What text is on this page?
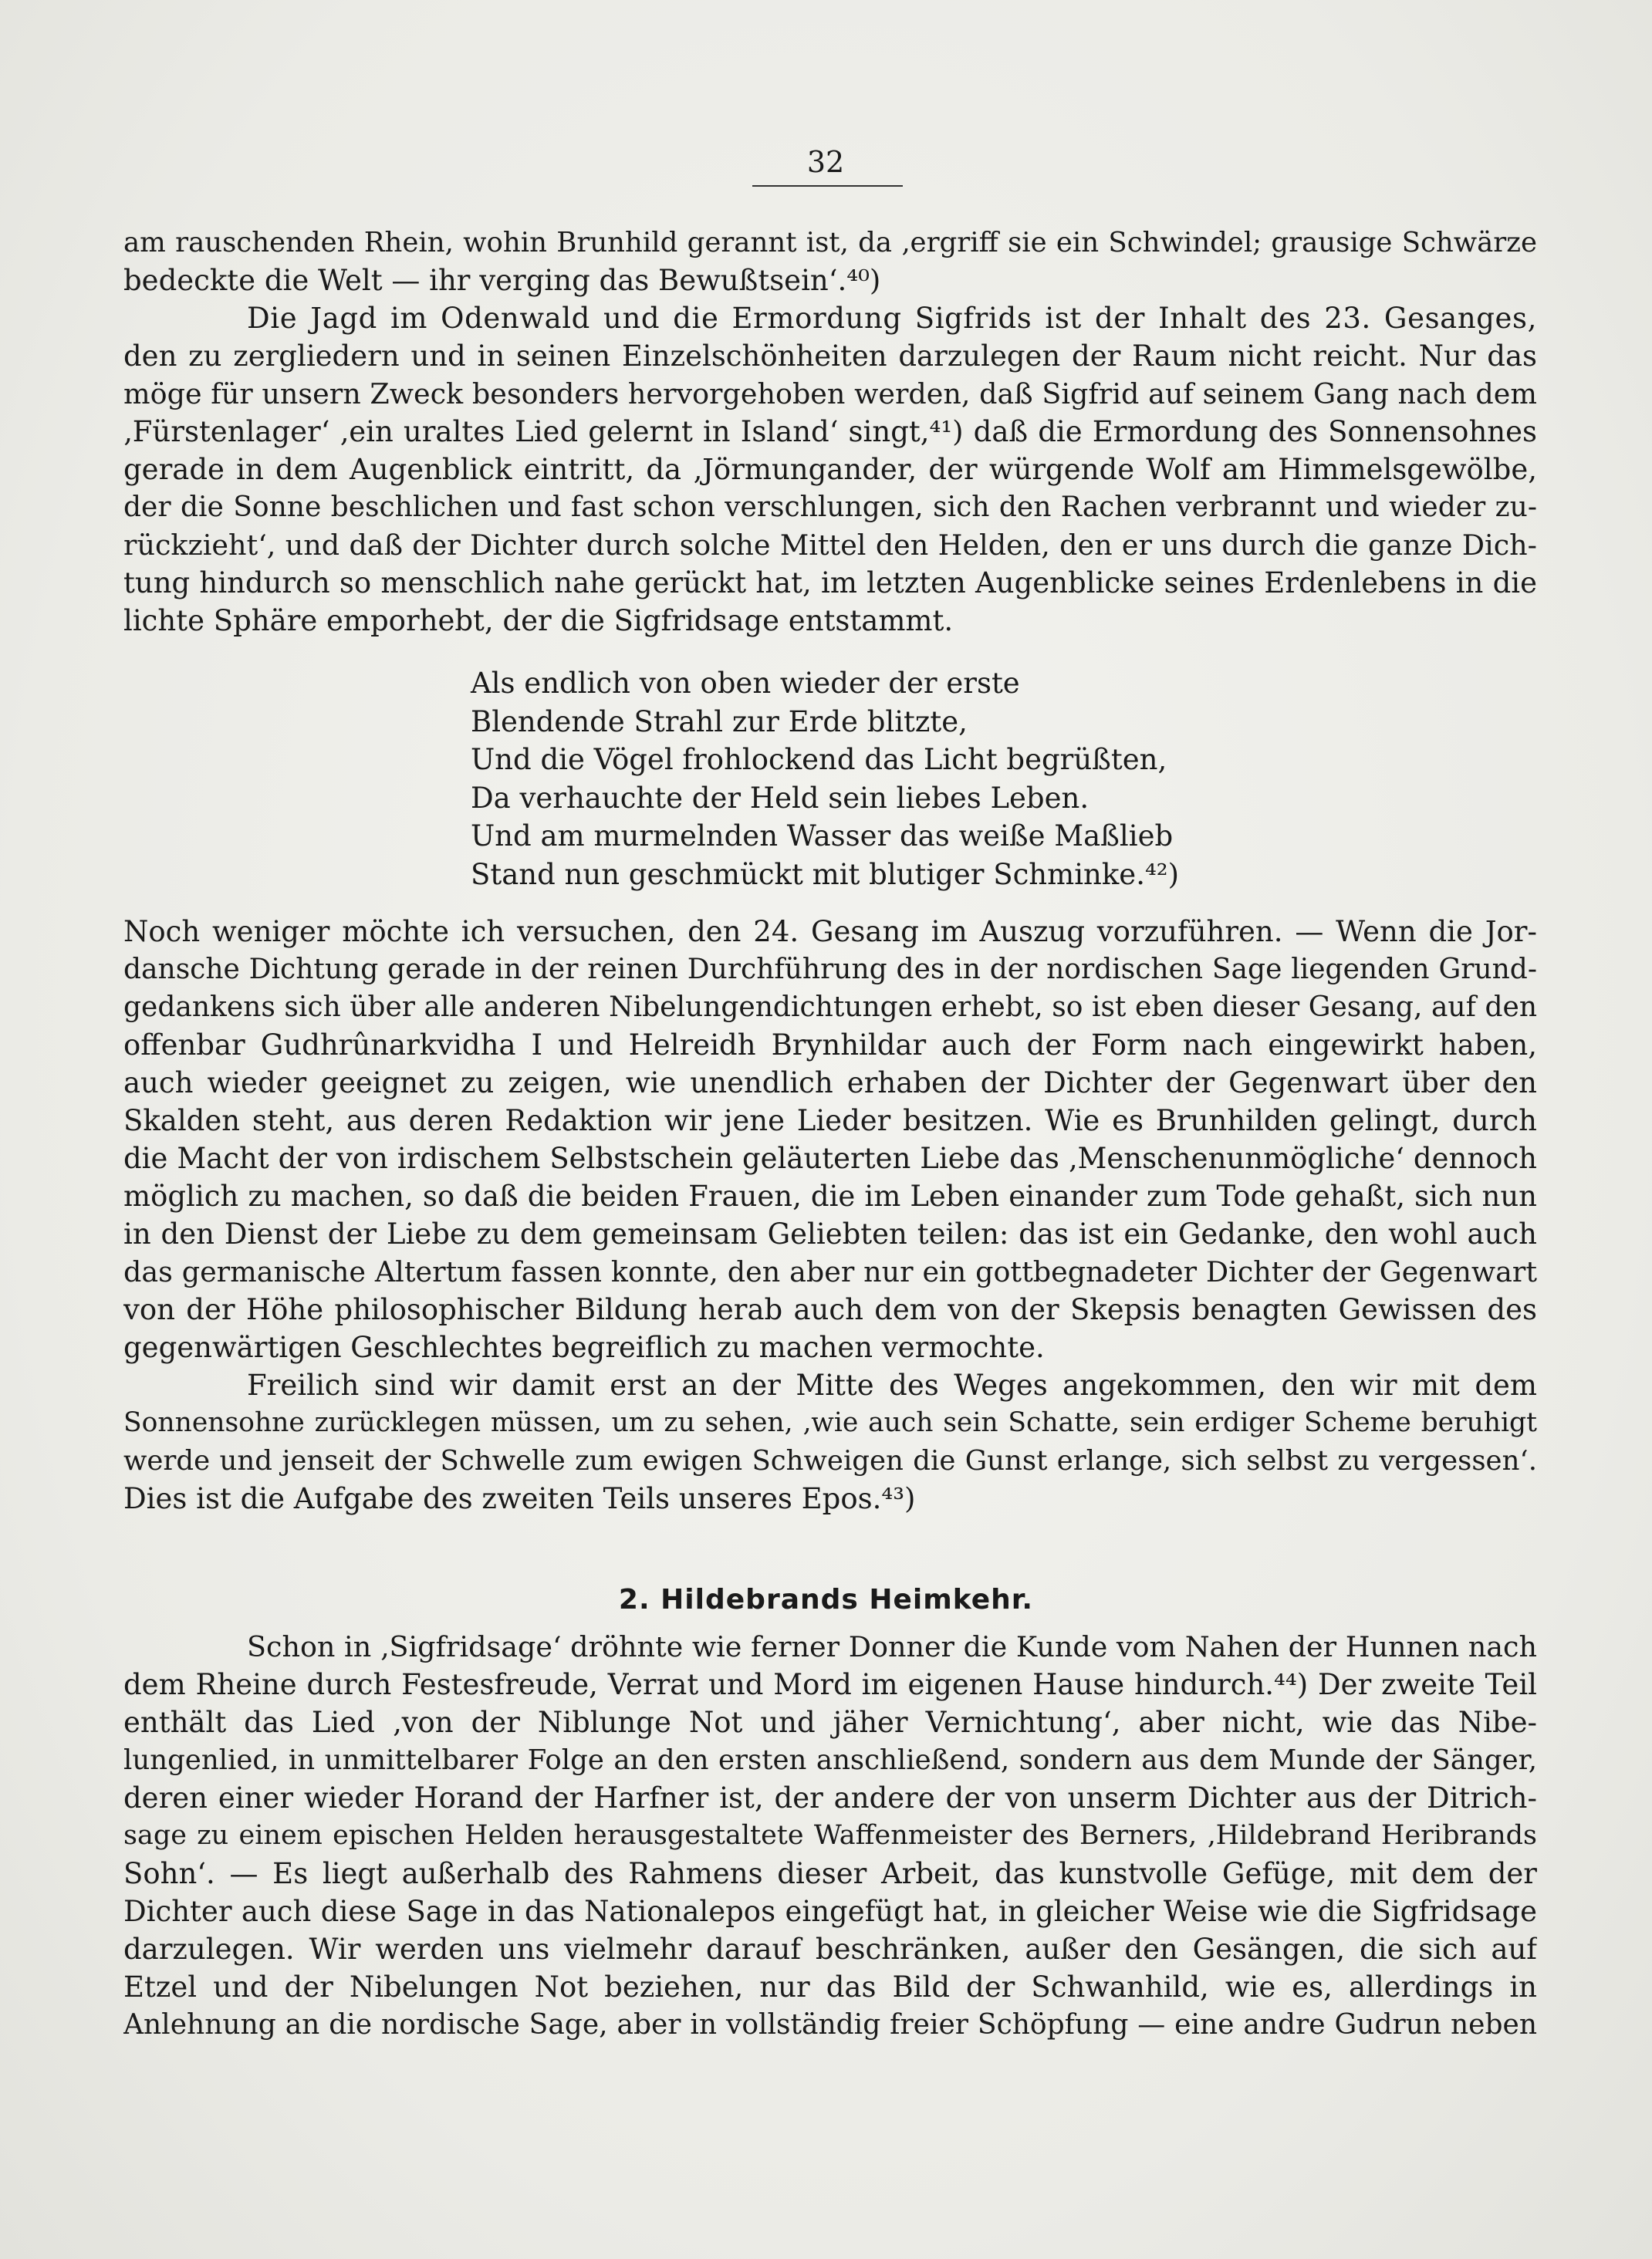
32
am rauschenden Rhein, wohin Brunhild gerannt ist, da ‚ergriff sie ein Schwindel; grausige Schwärze
bedeckte die Welt — ihr verging das Bewußtsein‘.⁴⁰)
Die Jagd im Odenwald und die Ermordung Sigfrids ist der Inhalt des 23. Gesanges,
den zu zergliedern und in seinen Einzelschönheiten darzulegen der Raum nicht reicht. Nur das
möge für unsern Zweck besonders hervorgehoben werden, daß Sigfrid auf seinem Gang nach dem
‚Fürstenlager‘ ‚ein uraltes Lied gelernt in Island‘ singt,⁴¹) daß die Ermordung des Sonnensohnes
gerade in dem Augenblick eintritt, da ‚Jörmungander, der würgende Wolf am Himmelsgewölbe,
der die Sonne beschlichen und fast schon verschlungen, sich den Rachen verbrannt und wieder zu-
rückzieht‘, und daß der Dichter durch solche Mittel den Helden, den er uns durch die ganze Dich-
tung hindurch so menschlich nahe gerückt hat, im letzten Augenblicke seines Erdenlebens in die
lichte Sphäre emporhebt, der die Sigfridsage entstammt.
Als endlich von oben wieder der erste
Blendende Strahl zur Erde blitzte,
Und die Vögel frohlockend das Licht begrüßten,
Da verhauchte der Held sein liebes Leben.
Und am murmelnden Wasser das weiße Maßlieb
Stand nun geschmückt mit blutiger Schminke.⁴²)
Noch weniger möchte ich versuchen, den 24. Gesang im Auszug vorzuführen. — Wenn die Jor-
dansche Dichtung gerade in der reinen Durchführung des in der nordischen Sage liegenden Grund-
gedankens sich über alle anderen Nibelungendichtungen erhebt, so ist eben dieser Gesang, auf den
offenbar Gudhrûnarkvidha I und Helreidh Brynhildar auch der Form nach eingewirkt haben,
auch wieder geeignet zu zeigen, wie unendlich erhaben der Dichter der Gegenwart über den
Skalden steht, aus deren Redaktion wir jene Lieder besitzen. Wie es Brunhilden gelingt, durch
die Macht der von irdischem Selbstschein geläuterten Liebe das ‚Menschenunmögliche‘ dennoch
möglich zu machen, so daß die beiden Frauen, die im Leben einander zum Tode gehaßt, sich nun
in den Dienst der Liebe zu dem gemeinsam Geliebten teilen: das ist ein Gedanke, den wohl auch
das germanische Altertum fassen konnte, den aber nur ein gottbegnadeter Dichter der Gegenwart
von der Höhe philosophischer Bildung herab auch dem von der Skepsis benagten Gewissen des
gegenwärtigen Geschlechtes begreiflich zu machen vermochte.
Freilich sind wir damit erst an der Mitte des Weges angekommen, den wir mit dem
Sonnensohne zurücklegen müssen, um zu sehen, ‚wie auch sein Schatte, sein erdiger Scheme beruhigt
werde und jenseit der Schwelle zum ewigen Schweigen die Gunst erlange, sich selbst zu vergessen‘.
Dies ist die Aufgabe des zweiten Teils unseres Epos.⁴³)
2. Hildebrands Heimkehr.
Schon in ‚Sigfridsage‘ dröhnte wie ferner Donner die Kunde vom Nahen der Hunnen nach
dem Rheine durch Festesfreude, Verrat und Mord im eigenen Hause hindurch.⁴⁴) Der zweite Teil
enthält das Lied ‚von der Niblunge Not und jäher Vernichtung‘, aber nicht, wie das Nibe-
lungenlied, in unmittelbarer Folge an den ersten anschließend, sondern aus dem Munde der Sänger,
deren einer wieder Horand der Harfner ist, der andere der von unserm Dichter aus der Ditrich-
sage zu einem epischen Helden herausgestaltete Waffenmeister des Berners, ‚Hildebrand Heribrands
Sohn‘. — Es liegt außerhalb des Rahmens dieser Arbeit, das kunstvolle Gefüge, mit dem der
Dichter auch diese Sage in das Nationalepos eingefügt hat, in gleicher Weise wie die Sigfridsage
darzulegen. Wir werden uns vielmehr darauf beschränken, außer den Gesängen, die sich auf
Etzel und der Nibelungen Not beziehen, nur das Bild der Schwanhild, wie es, allerdings in
Anlehnung an die nordische Sage, aber in vollständig freier Schöpfung — eine andre Gudrun neben
